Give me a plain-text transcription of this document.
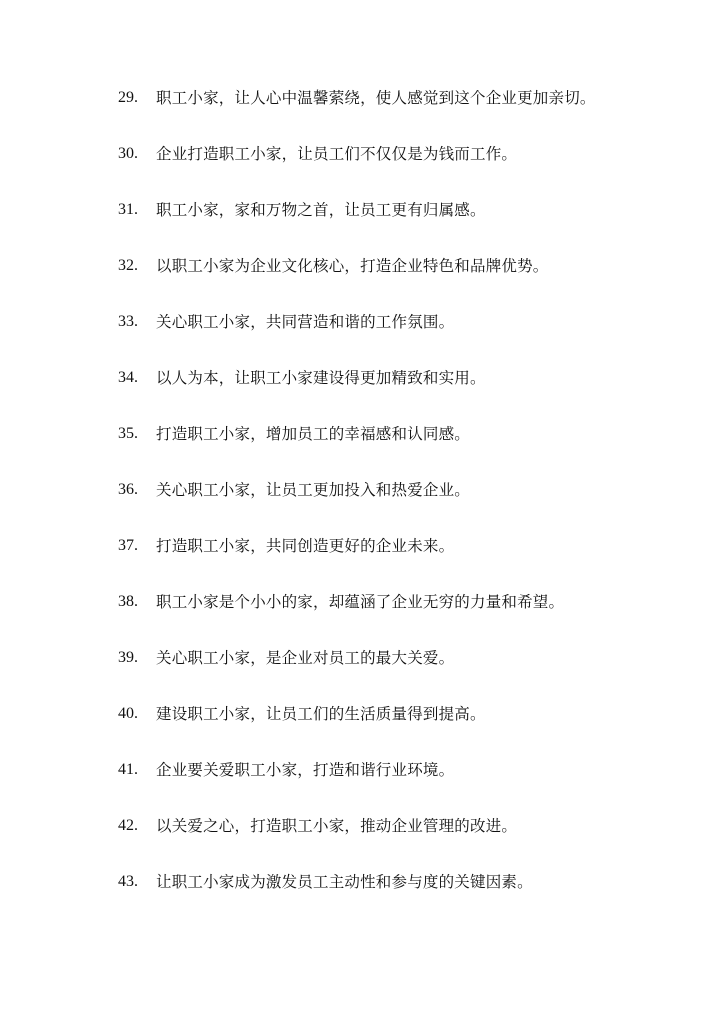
29.	职工小家，让人心中温馨萦绕，使人感觉到这个企业更加亲切。
30.	企业打造职工小家，让员工们不仅仅是为钱而工作。
31.	职工小家，家和万物之首，让员工更有归属感。
32.	以职工小家为企业文化核心，打造企业特色和品牌优势。
33.	关心职工小家，共同营造和谐的工作氛围。
34.	以人为本，让职工小家建设得更加精致和实用。
35.	打造职工小家，增加员工的幸福感和认同感。
36.	关心职工小家，让员工更加投入和热爱企业。
37.	打造职工小家，共同创造更好的企业未来。
38.	职工小家是个小小的家，却蕴涵了企业无穷的力量和希望。
39.	关心职工小家，是企业对员工的最大关爱。
40.	建设职工小家，让员工们的生活质量得到提高。
41.	企业要关爱职工小家，打造和谐行业环境。
42.	以关爱之心，打造职工小家，推动企业管理的改进。
43.	让职工小家成为激发员工主动性和参与度的关键因素。
